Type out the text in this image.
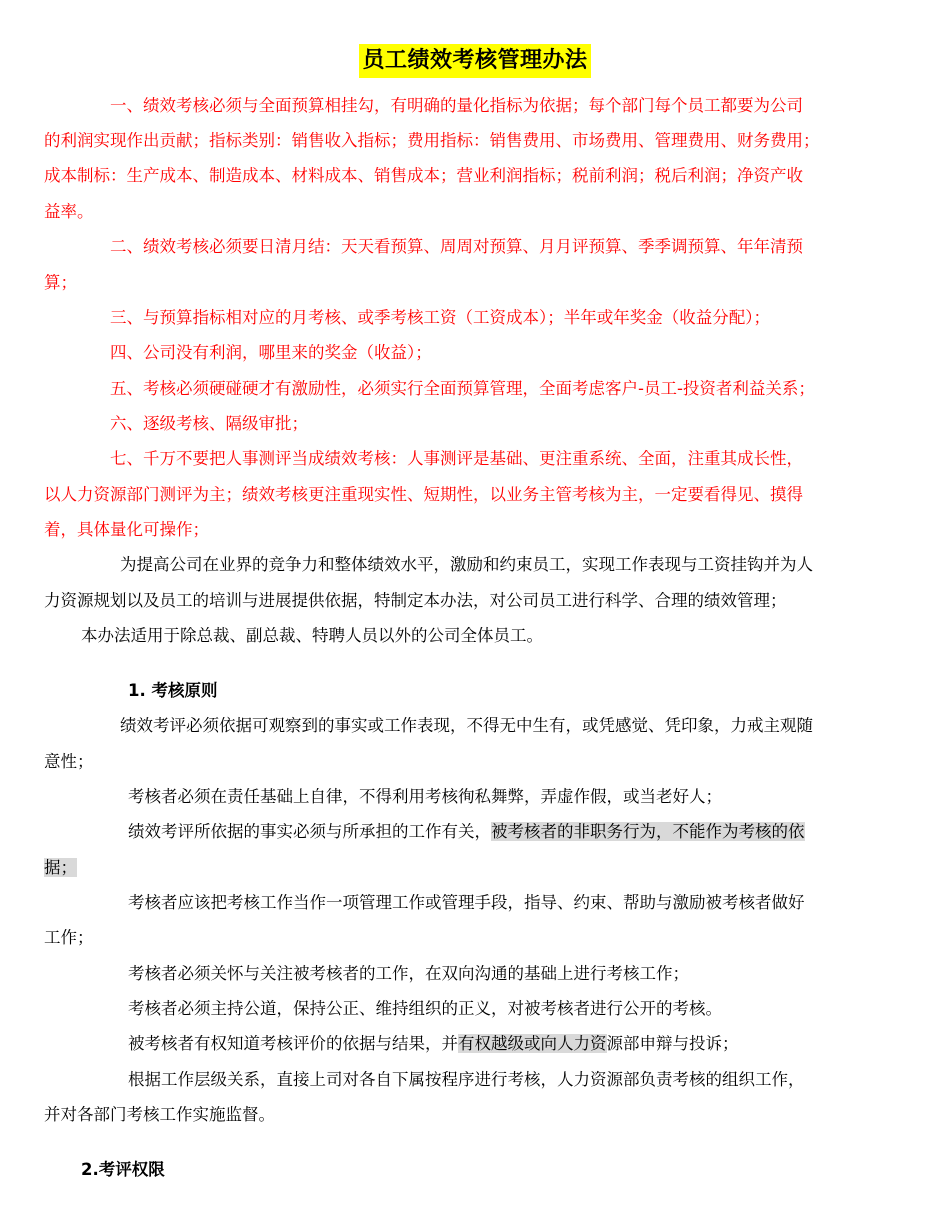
员工绩效考核管理办法

一、绩效考核必须与全面预算相挂勾，有明确的量化指标为依据；每个部门每个员工都要为公司

的利润实现作出贡献；指标类别：销售收入指标；费用指标：销售费用、市场费用、管理费用、财务费用；

成本制标：生产成本、制造成本、材料成本、销售成本；营业利润指标；税前利润；税后利润；净资产收

益率。

二、绩效考核必须要日清月结：天天看预算、周周对预算、月月评预算、季季调预算、年年清预

算；

三、与预算指标相对应的月考核、或季考核工资（工资成本）；半年或年奖金（收益分配）；

四、公司没有利润，哪里来的奖金（收益）；

五、考核必须硬碰硬才有激励性，必须实行全面预算管理，全面考虑客户-员工-投资者利益关系；

六、逐级考核、隔级审批；

七、千万不要把人事测评当成绩效考核：人事测评是基础、更注重系统、全面，注重其成长性，

以人力资源部门测评为主；绩效考核更注重现实性、短期性，以业务主管考核为主，一定要看得见、摸得

着，具体量化可操作；

为提高公司在业界的竞争力和整体绩效水平，激励和约束员工，实现工作表现与工资挂钩并为人

力资源规划以及员工的培训与进展提供依据，特制定本办法，对公司员工进行科学、合理的绩效管理；

本办法适用于除总裁、副总裁、特聘人员以外的公司全体员工。

1. 考核原则

绩效考评必须依据可观察到的事实或工作表现，不得无中生有，或凭感觉、凭印象，力戒主观随

意性；

考核者必须在责任基础上自律，不得利用考核徇私舞弊，弄虚作假，或当老好人；

绩效考评所依据的事实必须与所承担的工作有关，被考核者的非职务行为，不能作为考核的依

据；

考核者应该把考核工作当作一项管理工作或管理手段，指导、约束、帮助与激励被考核者做好

工作；

考核者必须关怀与关注被考核者的工作，在双向沟通的基础上进行考核工作；

考核者必须主持公道，保持公正、维持组织的正义，对被考核者进行公开的考核。

被考核者有权知道考核评价的依据与结果，并有权越级或向人力资源部申辩与投诉；

根据工作层级关系，直接上司对各自下属按程序进行考核，人力资源部负责考核的组织工作，

并对各部门考核工作实施监督。

2.考评权限
